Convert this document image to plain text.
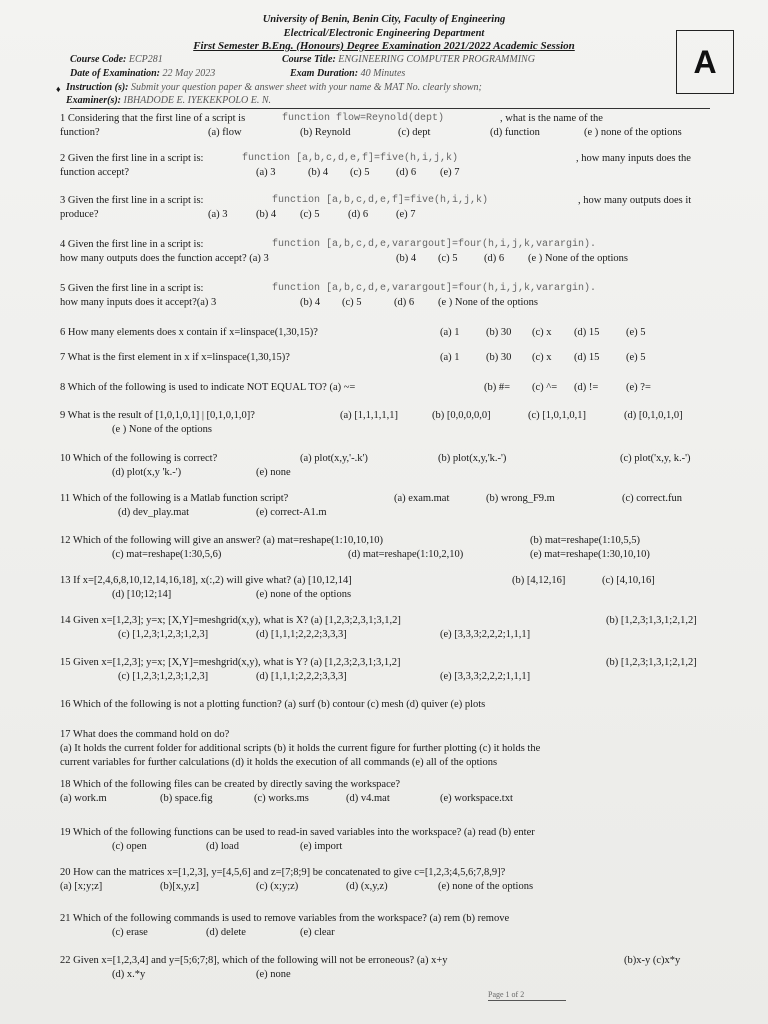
University of Benin, Benin City, Faculty of Engineering
Electrical/Electronic Engineering Department
First Semester B.Eng. (Honours) Degree Examination 2021/2022 Academic Session	A
Course Code: ECP281	Course Title: ENGINEERING COMPUTER PROGRAMMING
Date of Examination: 22 May 2023	Exam Duration: 40 Minutes
♦ Instruction (s): Submit your question paper & answer sheet with your name & MAT No. clearly shown;
Examiner(s): IBHADODE E. IYEKEKPOLO E. N.
1 Considering that the first line of a script is	function flow=Reynold(dept)	, what is the name of the
function?	(a) flow	(b) Reynold	(c) dept	(d) function	(e ) none of the options
2 Given the first line in a script is:	function [a,b,c,d,e,f]=five(h,i,j,k)	, how many inputs does the
function accept?	(a) 3	(b) 4 (c) 5	(d) 6 (e) 7
3 Given the first line in a script is:	function [a,b,c,d,e,f]=five(h,i,j,k)	, how many outputs does it
produce?	(a) 3	(b) 4 (c) 5	(d) 6	(e) 7
4 Given the first line in a script is:	function [a,b,c,d,e,varargout]=four(h,i,j,k,varargin).
how many outputs does the function accept? (a) 3	(b) 4 (c) 5	(d) 6 (e ) None of the options
5 Given the first line in a script is:	function [a,b,c,d,e,varargout]=four(h,i,j,k,varargin).
how many inputs does it accept?(a) 3	(b) 4 (c) 5	(d) 6 (e ) None of the options
6 How many elements does x contain if x=linspace(1,30,15)?	(a) 1	(b) 30 (c) x (d) 15	(e) 5
7 What is the first element in x if x=linspace(1,30,15)?	(a) 1	(b) 30 (c) x (d) 15	(e) 5
8 Which of the following is used to indicate NOT EQUAL TO? (a) ~=	(b) #= (c) ^= (d) !=	(e) ?=
9 What is the result of [1,0,1,0,1] | [0,1,0,1,0]?	(a) [1,1,1,1,1]	(b) [0,0,0,0,0]	(c) [1,0,1,0,1]	(d) [0,1,0,1,0]
(e ) None of the options
10 Which of the following is correct?	(a) plot(x,y,'-.k')	(b) plot(x,y,'k.-')	(c) plot('x,y, k.-')
(d) plot(x,y 'k.-')	(e) none
11 Which of the following is a Matlab function script?	(a) exam.mat	(b) wrong_F9.m	(c) correct.fun
(d) dev_play.mat	(e) correct-A1.m
12 Which of the following will give an answer? (a) mat=reshape(1:10,10,10)	(b) mat=reshape(1:10,5,5)
(c) mat=reshape(1:30,5,6)	(d) mat=reshape(1:10,2,10)	(e) mat=reshape(1:30,10,10)
13 If x=[2,4,6,8,10,12,14,16,18], x(:,2) will give what? (a) [10,12,14]	(b) [4,12,16]	(c) [4,10,16]
(d) [10;12;14]	(e) none of the options
14 Given x=[1,2,3]; y=x; [X,Y]=meshgrid(x,y), what is X? (a) [1,2,3;2,3,1;3,1,2]	(b) [1,2,3;1,3,1;2,1,2]
(c) [1,2,3;1,2,3;1,2,3]	(d) [1,1,1;2,2,2;3,3,3]	(e) [3,3,3;2,2,2;1,1,1]
15 Given x=[1,2,3]; y=x; [X,Y]=meshgrid(x,y), what is Y? (a) [1,2,3;2,3,1;3,1,2]	(b) [1,2,3;1,3,1;2,1,2]
(c) [1,2,3;1,2,3;1,2,3]	(d) [1,1,1;2,2,2;3,3,3]	(e) [3,3,3;2,2,2;1,1,1]
16 Which of the following is not a plotting function? (a) surf (b) contour (c) mesh (d) quiver (e) plots
17 What does the command hold on do?
(a) It holds the current folder for additional scripts (b) it holds the current figure for further plotting (c) it holds the
current variables for further calculations (d) it holds the execution of all commands (e) all of the options
18 Which of the following files can be created by directly saving the workspace?
(a) work.m	(b) space.fig	(c) works.ms	(d) v4.mat	(e) workspace.txt
19 Which of the following functions can be used to read-in saved variables into the workspace? (a) read (b) enter
(c) open	(d) load	(e) import
20 How can the matrices x=[1,2,3], y=[4,5,6] and z=[7;8;9] be concatenated to give c=[1,2,3;4,5,6;7,8,9]?
(a) [x;y;z]	(b)[x,y,z]	(c) (x;y;z)	(d) (x,y,z)	(e) none of the options
21 Which of the following commands is used to remove variables from the workspace? (a) rem (b) remove
(c) erase	(d) delete	(e) clear
22 Given x=[1,2,3,4] and y=[5;6;7;8], which of the following will not be erroneous? (a) x+y	(b)x-y (c)x*y
(d) x.*y	(e) none
Page 1 of 2
